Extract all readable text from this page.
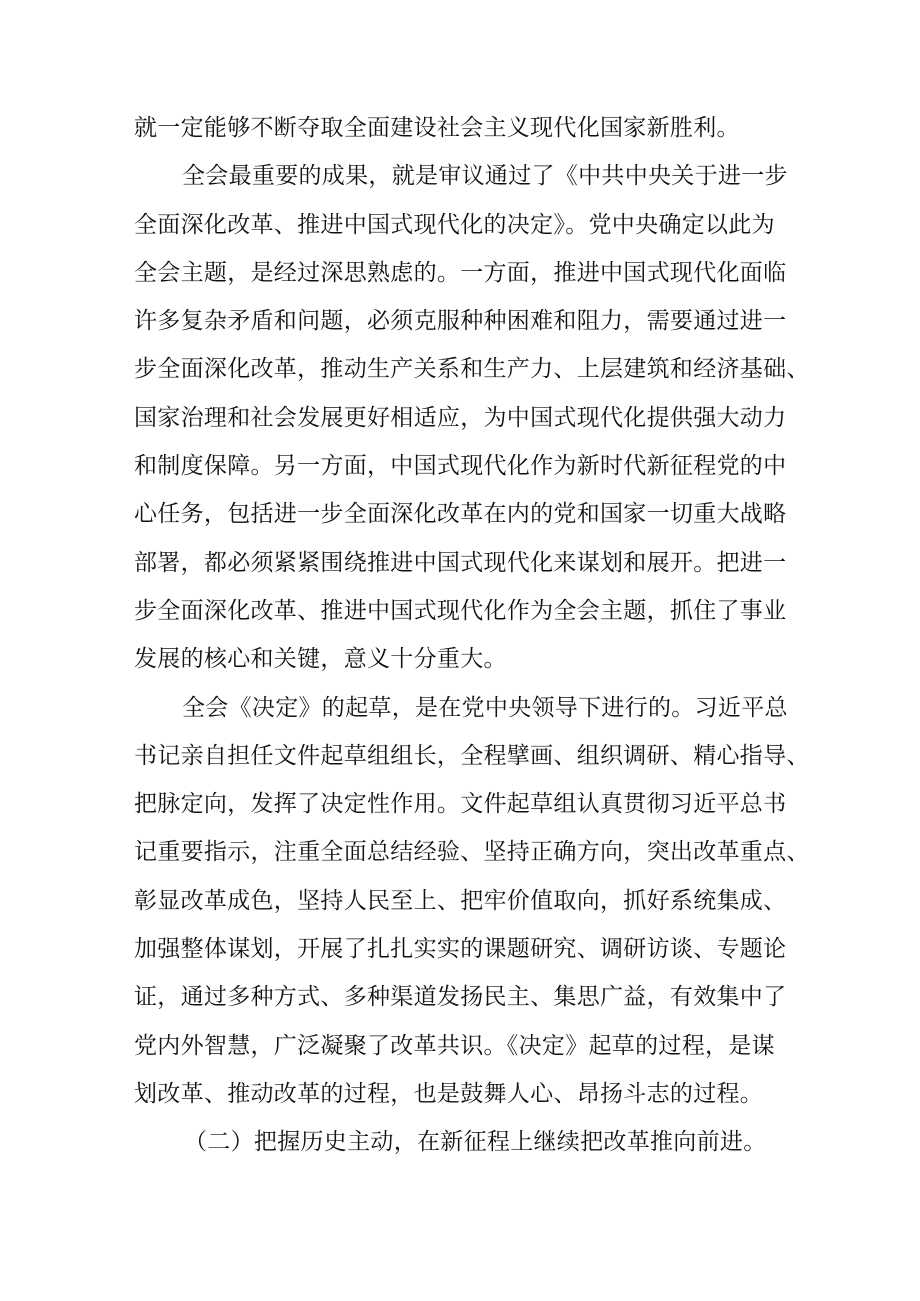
就一定能够不断夺取全面建设社会主义现代化国家新胜利。
全会最重要的成果，就是审议通过了《中共中央关于进一步
全面深化改革、推进中国式现代化的决定》。党中央确定以此为
全会主题，是经过深思熟虑的。一方面，推进中国式现代化面临
许多复杂矛盾和问题，必须克服种种困难和阻力，需要通过进一
步全面深化改革，推动生产关系和生产力、上层建筑和经济基础、
国家治理和社会发展更好相适应，为中国式现代化提供强大动力
和制度保障。另一方面，中国式现代化作为新时代新征程党的中
心任务，包括进一步全面深化改革在内的党和国家一切重大战略
部署，都必须紧紧围绕推进中国式现代化来谋划和展开。把进一
步全面深化改革、推进中国式现代化作为全会主题，抓住了事业
发展的核心和关键，意义十分重大。
全会《决定》的起草，是在党中央领导下进行的。习近平总
书记亲自担任文件起草组组长，全程擘画、组织调研、精心指导、
把脉定向，发挥了决定性作用。文件起草组认真贯彻习近平总书
记重要指示，注重全面总结经验、坚持正确方向，突出改革重点、
彰显改革成色，坚持人民至上、把牢价值取向，抓好系统集成、
加强整体谋划，开展了扎扎实实的课题研究、调研访谈、专题论
证，通过多种方式、多种渠道发扬民主、集思广益，有效集中了
党内外智慧，广泛凝聚了改革共识。《决定》起草的过程，是谋
划改革、推动改革的过程，也是鼓舞人心、昂扬斗志的过程。
（二）把握历史主动，在新征程上继续把改革推向前进。
